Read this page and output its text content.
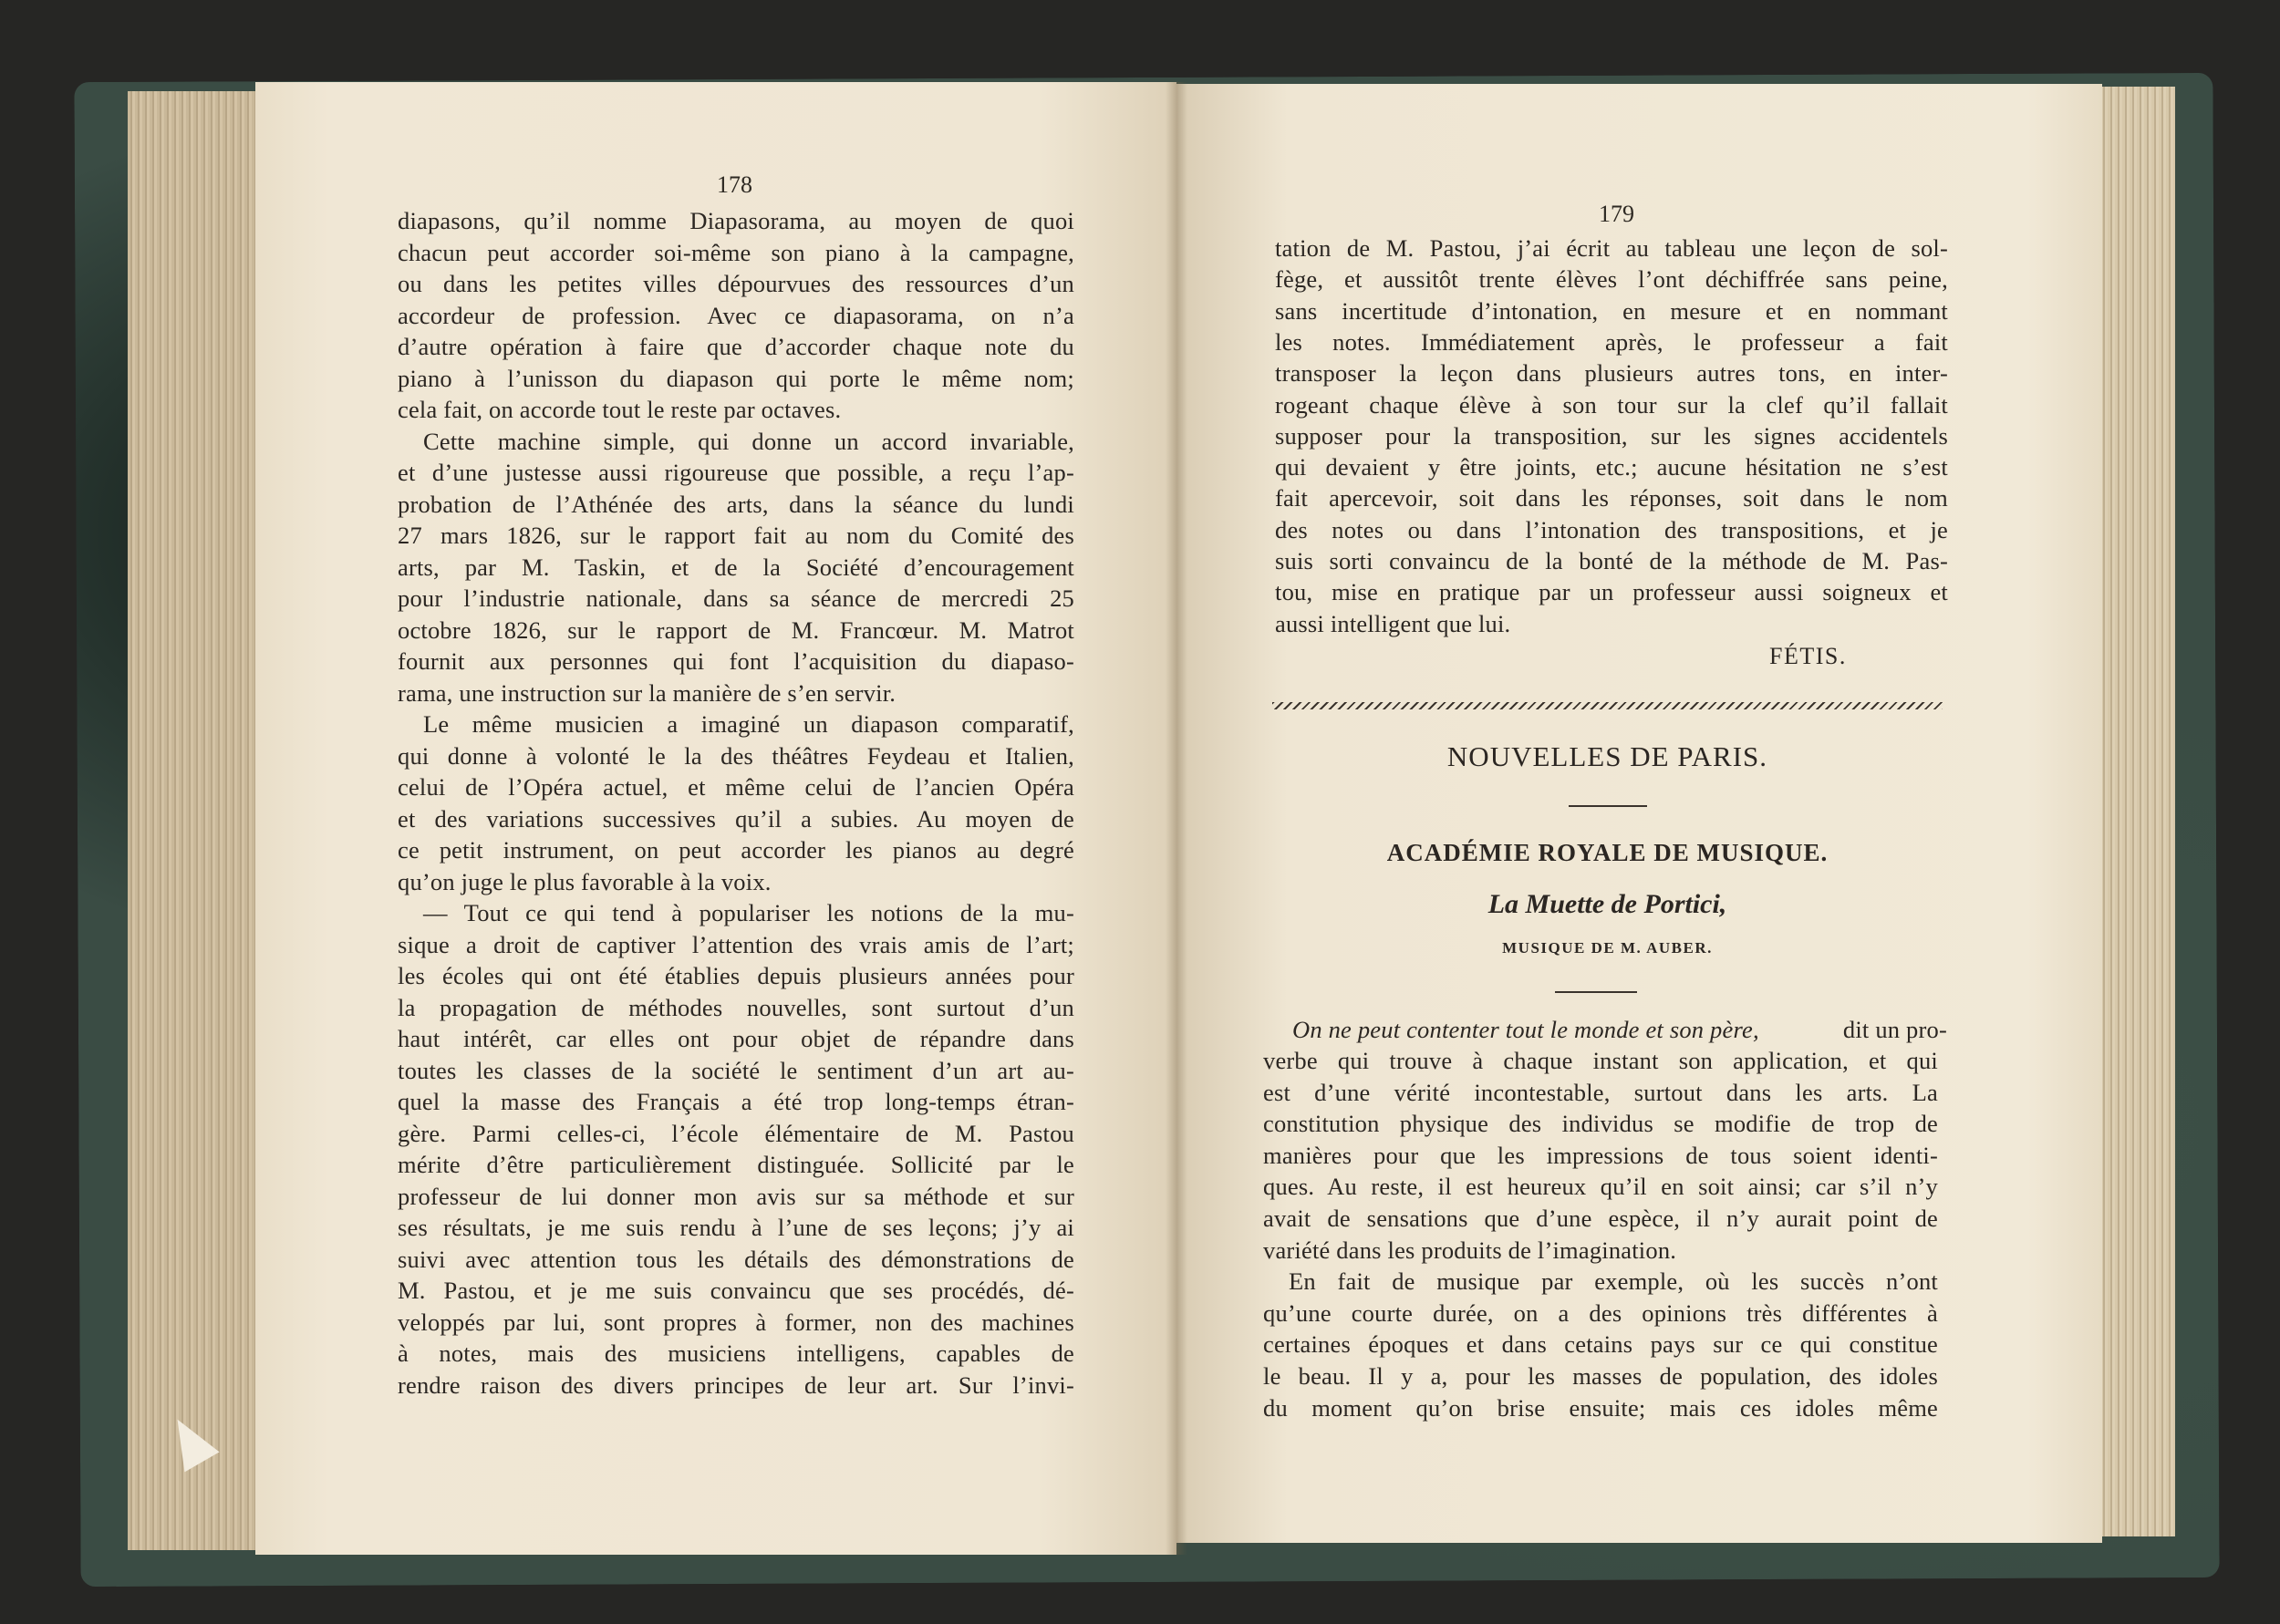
178
diapasons, qu’il nomme Diapasorama, au moyen de quoi
chacun peut accorder soi-même son piano à la campagne,
ou dans les petites villes dépourvues des ressources d’un
accordeur de profession. Avec ce diapasorama, on n’a
d’autre opération à faire que d’accorder chaque note du
piano à l’unisson du diapason qui porte le même nom;
cela fait, on accorde tout le reste par octaves.
Cette machine simple, qui donne un accord invariable,
et d’une justesse aussi rigoureuse que possible, a reçu l’ap-
probation de l’Athénée des arts, dans la séance du lundi
27 mars 1826, sur le rapport fait au nom du Comité des
arts, par M. Taskin, et de la Société d’encouragement
pour l’industrie nationale, dans sa séance de mercredi 25
octobre 1826, sur le rapport de M. Francœur. M. Matrot
fournit aux personnes qui font l’acquisition du diapaso-
rama, une instruction sur la manière de s’en servir.
Le même musicien a imaginé un diapason comparatif,
qui donne à volonté le la des théâtres Feydeau et Italien,
celui de l’Opéra actuel, et même celui de l’ancien Opéra
et des variations successives qu’il a subies. Au moyen de
ce petit instrument, on peut accorder les pianos au degré
qu’on juge le plus favorable à la voix.
— Tout ce qui tend à populariser les notions de la mu-
sique a droit de captiver l’attention des vrais amis de l’art;
les écoles qui ont été établies depuis plusieurs années pour
la propagation de méthodes nouvelles, sont surtout d’un
haut intérêt, car elles ont pour objet de répandre dans
toutes les classes de la société le sentiment d’un art au-
quel la masse des Français a été trop long-temps étran-
gère. Parmi celles-ci, l’école élémentaire de M. Pastou
mérite d’être particulièrement distinguée. Sollicité par le
professeur de lui donner mon avis sur sa méthode et sur
ses résultats, je me suis rendu à l’une de ses leçons; j’y ai
suivi avec attention tous les détails des démonstrations de
M. Pastou, et je me suis convaincu que ses procédés, dé-
veloppés par lui, sont propres à former, non des machines
à notes, mais des musiciens intelligens, capables de
rendre raison des divers principes de leur art. Sur l’invi-
179
tation de M. Pastou, j’ai écrit au tableau une leçon de sol-
fège, et aussitôt trente élèves l’ont déchiffrée sans peine,
sans incertitude d’intonation, en mesure et en nommant
les notes. Immédiatement après, le professeur a fait
transposer la leçon dans plusieurs autres tons, en inter-
rogeant chaque élève à son tour sur la clef qu’il fallait
supposer pour la transposition, sur les signes accidentels
qui devaient y être joints, etc.; aucune hésitation ne s’est
fait apercevoir, soit dans les réponses, soit dans le nom
des notes ou dans l’intonation des transpositions, et je
suis sorti convaincu de la bonté de la méthode de M. Pas-
tou, mise en pratique par un professeur aussi soigneux et
aussi intelligent que lui.
FÉTIS.
NOUVELLES DE PARIS.
ACADÉMIE ROYALE DE MUSIQUE.
La Muette de Portici,
MUSIQUE DE M. AUBER.
On ne peut contenter tout le monde et son père,	dit un pro-
verbe qui trouve à chaque instant son application, et qui
est d’une vérité incontestable, surtout dans les arts. La
constitution physique des individus se modifie de trop de
manières pour que les impressions de tous soient identi-
ques. Au reste, il est heureux qu’il en soit ainsi; car s’il n’y
avait de sensations que d’une espèce, il n’y aurait point de
variété dans les produits de l’imagination.
En fait de musique par exemple, où les succès n’ont
qu’une courte durée, on a des opinions très différentes à
certaines époques et dans cetains pays sur ce qui constitue
le beau. Il y a, pour les masses de population, des idoles
du moment qu’on brise ensuite; mais ces idoles même
